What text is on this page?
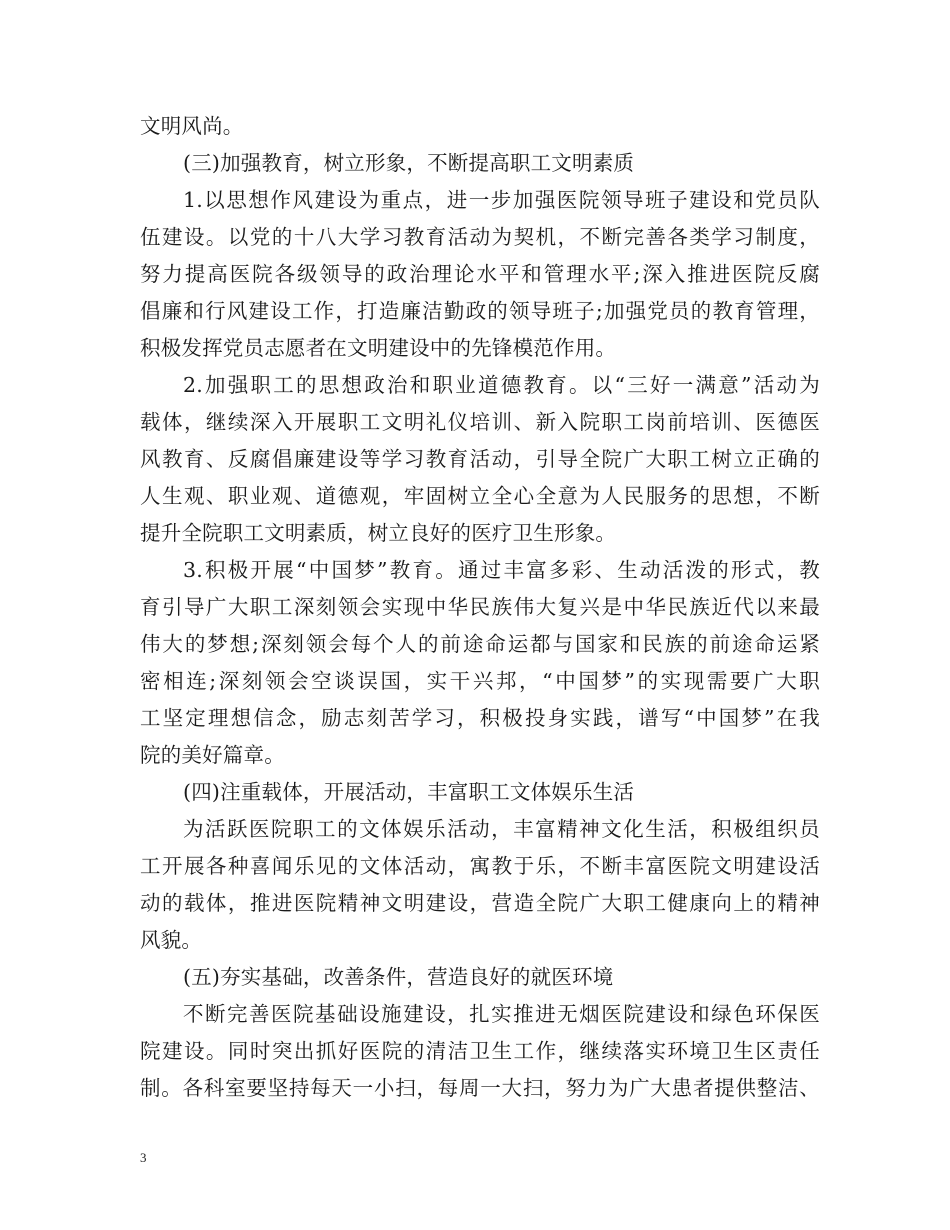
文明风尚。
(三)加强教育，树立形象，不断提高职工文明素质
1.以思想作风建设为重点，进一步加强医院领导班子建设和党员队
伍建设。以党的十八大学习教育活动为契机，不断完善各类学习制度，
努力提高医院各级领导的政治理论水平和管理水平;深入推进医院反腐
倡廉和行风建设工作，打造廉洁勤政的领导班子;加强党员的教育管理，
积极发挥党员志愿者在文明建设中的先锋模范作用。
2.加强职工的思想政治和职业道德教育。以“三好一满意”活动为
载体，继续深入开展职工文明礼仪培训、新入院职工岗前培训、医德医
风教育、反腐倡廉建设等学习教育活动，引导全院广大职工树立正确的
人生观、职业观、道德观，牢固树立全心全意为人民服务的思想，不断
提升全院职工文明素质，树立良好的医疗卫生形象。
3.积极开展“中国梦”教育。通过丰富多彩、生动活泼的形式，教
育引导广大职工深刻领会实现中华民族伟大复兴是中华民族近代以来最
伟大的梦想;深刻领会每个人的前途命运都与国家和民族的前途命运紧
密相连;深刻领会空谈误国，实干兴邦，“中国梦”的实现需要广大职
工坚定理想信念，励志刻苦学习，积极投身实践，谱写“中国梦”在我
院的美好篇章。
(四)注重载体，开展活动，丰富职工文体娱乐生活
为活跃医院职工的文体娱乐活动，丰富精神文化生活，积极组织员
工开展各种喜闻乐见的文体活动，寓教于乐，不断丰富医院文明建设活
动的载体，推进医院精神文明建设，营造全院广大职工健康向上的精神
风貌。
(五)夯实基础，改善条件，营造良好的就医环境
不断完善医院基础设施建设，扎实推进无烟医院建设和绿色环保医
院建设。同时突出抓好医院的清洁卫生工作，继续落实环境卫生区责任
制。各科室要坚持每天一小扫，每周一大扫，努力为广大患者提供整洁、
3
